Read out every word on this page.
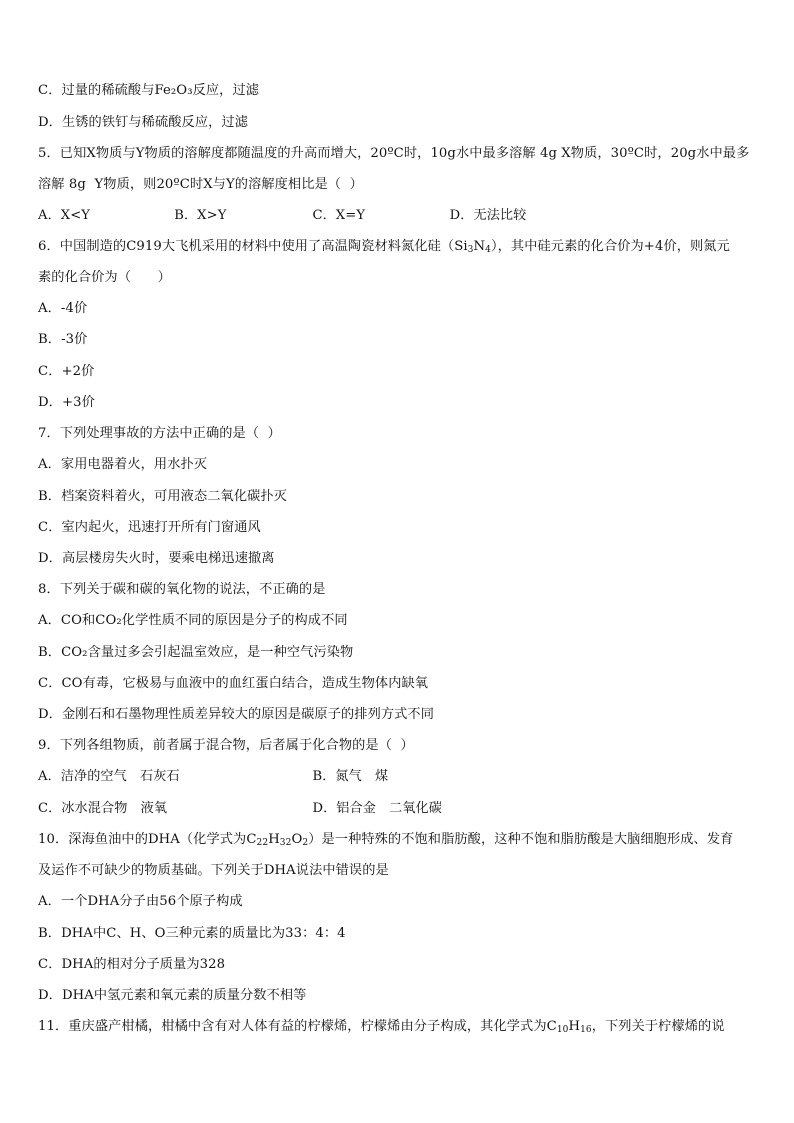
C．过量的稀硫酸与Fe₂O₃反应，过滤
D．生锈的铁钉与稀硫酸反应，过滤
5．已知X物质与Y物质的溶解度都随温度的升高而增大，20ºC时，10g水中最多溶解 4g X物质，30ºC时，20g水中最多
溶解 8g  Y物质，则20ºC时X与Y的溶解度相比是（  ）
A．X<Y	B．X>Y	C．X=Y	D．无法比较
6．中国制造的C919大飞机采用的材料中使用了高温陶瓷材料氮化硅$(Si_3N_4)$，其中硅元素的化合价为+4价，则氮元
素的化合价为（　　）
A．-4价
B．-3价
C．+2价
D．+3价
7．下列处理事故的方法中正确的是（  ）
A．家用电器着火，用水扑灭
B．档案资料着火，可用液态二氧化碳扑灭
C．室内起火，迅速打开所有门窗通风
D．高层楼房失火时，要乘电梯迅速撤离
8．下列关于碳和碳的氧化物的说法，不正确的是
A．CO和CO₂化学性质不同的原因是分子的构成不同
B．CO₂含量过多会引起温室效应，是一种空气污染物
C．CO有毒，它极易与血液中的血红蛋白结合，造成生物体内缺氧
D．金刚石和石墨物理性质差异较大的原因是碳原子的排列方式不同
9．下列各组物质，前者属于混合物，后者属于化合物的是（  ）
A．洁净的空气　石灰石	B．氮气　煤
C．冰水混合物　液氧	D．铝合金　二氧化碳
10．深海鱼油中的DHA（化学式为$C_{22}H_{32}O_2$）是一种特殊的不饱和脂肪酸，这种不饱和脂肪酸是大脑细胞形成、发育
及运作不可缺少的物质基础。下列关于DHA说法中错误的是
A．一个DHA分子由56个原子构成
B．DHA中C、H、O三种元素的质量比为33：4：4
C．DHA的相对分子质量为328
D．DHA中氢元素和氧元素的质量分数不相等
11．重庆盛产柑橘，柑橘中含有对人体有益的柠檬烯，柠檬烯由分子构成，其化学式为$C_{10}H_{16}$，下列关于柠檬烯的说
